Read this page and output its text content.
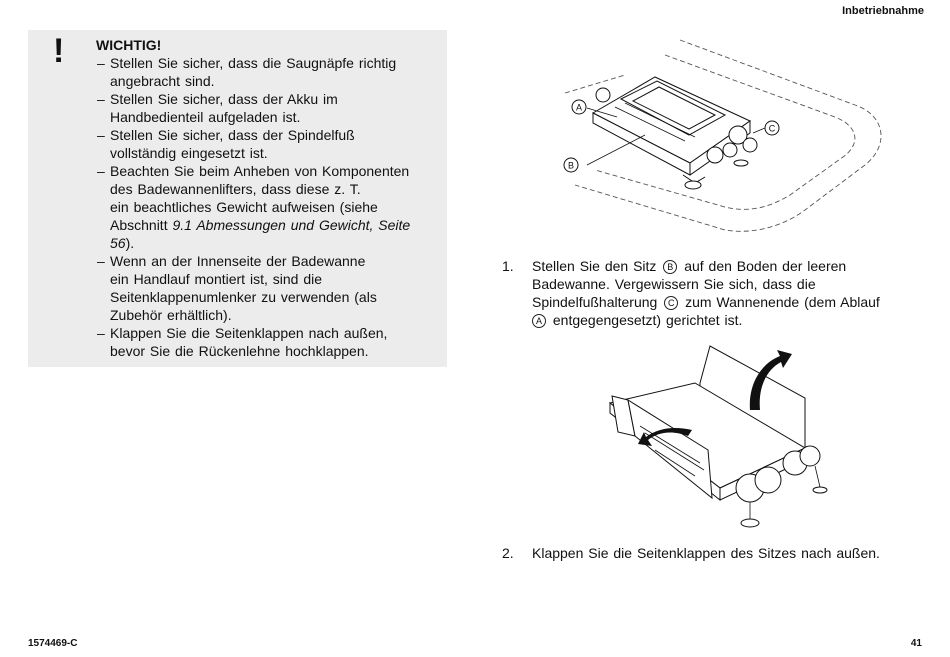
Inbetriebnahme
! WICHTIG!
– Stellen Sie sicher, dass die Saugnäpfe richtig
angebracht sind.
– Stellen Sie sicher, dass der Akku im
Handbedienteil aufgeladen ist.
– Stellen Sie sicher, dass der Spindelfuß
vollständig eingesetzt ist.
– Beachten Sie beim Anheben von Komponenten
des Badewannenlifters, dass diese z. T.
ein beachtliches Gewicht aufweisen (siehe
Abschnitt 9.1 Abmessungen und Gewicht, Seite
56).
– Wenn an der Innenseite der Badewanne
ein Handlauf montiert ist, sind die
Seitenklappenumlenker zu verwenden (als
Zubehör erhältlich).
– Klappen Sie die Seitenklappen nach außen,
bevor Sie die Rückenlehne hochklappen.
A
B
C
1. Stellen Sie den Sitz B auf den Boden der leeren
Badewanne. Vergewissern Sie sich, dass die
Spindelfußhalterung C zum Wannenende (dem Ablauf
A entgegengesetzt) gerichtet ist.
2. Klappen Sie die Seitenklappen des Sitzes nach außen.
1574469-C	41
